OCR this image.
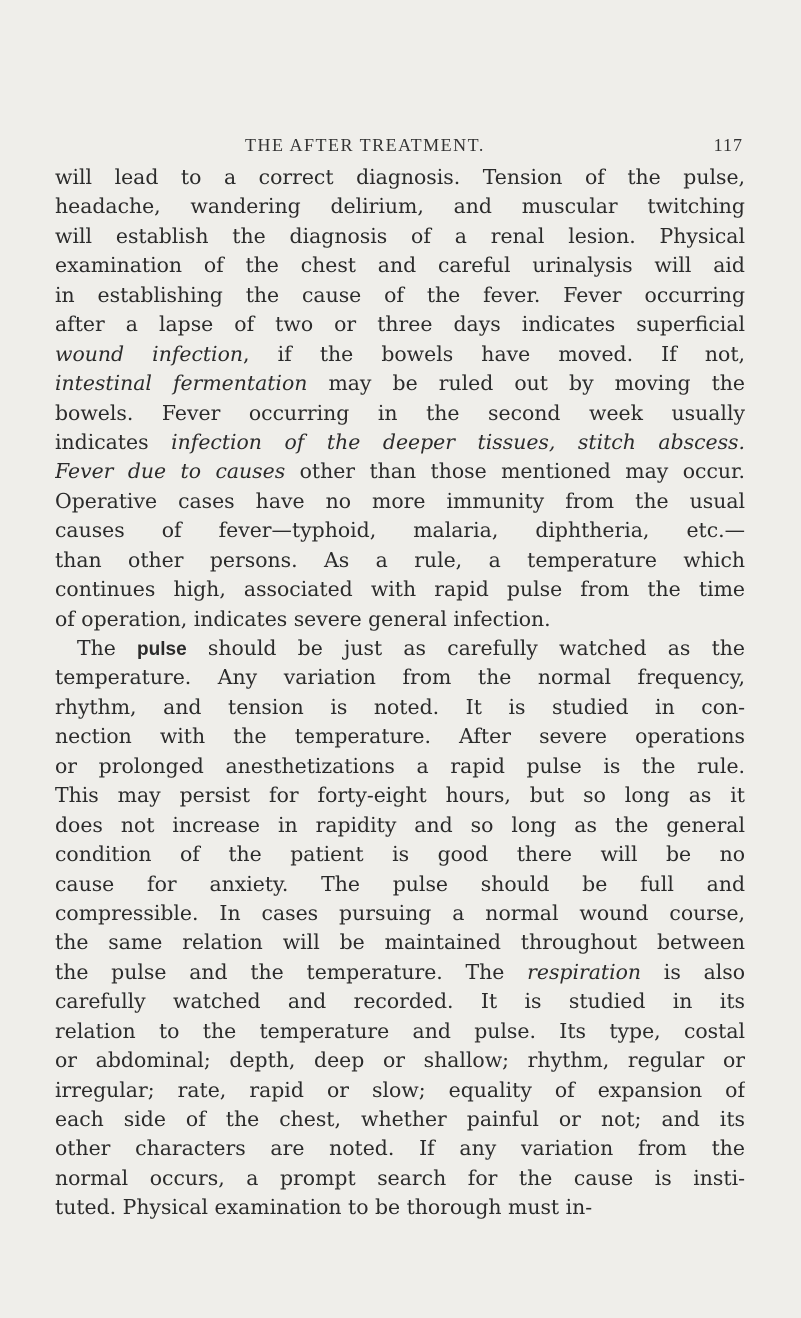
THE AFTER TREATMENT.	117
will lead to a correct diagnosis. Tension of the pulse,
headache, wandering delirium, and muscular twitching
will establish the diagnosis of a renal lesion. Physical
examination of the chest and careful urinalysis will aid
in establishing the cause of the fever. Fever occurring
after a lapse of two or three days indicates superficial
wound infection, if the bowels have moved. If not,
intestinal fermentation may be ruled out by moving the
bowels. Fever occurring in the second week usually
indicates infection of the deeper tissues, stitch abscess.
Fever due to causes other than those mentioned may occur.
Operative cases have no more immunity from the usual
causes of fever—typhoid, malaria, diphtheria, etc.—
than other persons. As a rule, a temperature which
continues high, associated with rapid pulse from the time
of operation, indicates severe general infection.
The pulse should be just as carefully watched as the
temperature. Any variation from the normal frequency,
rhythm, and tension is noted. It is studied in con-
nection with the temperature. After severe operations
or prolonged anesthetizations a rapid pulse is the rule.
This may persist for forty-eight hours, but so long as it
does not increase in rapidity and so long as the general
condition of the patient is good there will be no
cause for anxiety. The pulse should be full and
compressible. In cases pursuing a normal wound course,
the same relation will be maintained throughout between
the pulse and the temperature. The respiration is also
carefully watched and recorded. It is studied in its
relation to the temperature and pulse. Its type, costal
or abdominal; depth, deep or shallow; rhythm, regular or
irregular; rate, rapid or slow; equality of expansion of
each side of the chest, whether painful or not; and its
other characters are noted. If any variation from the
normal occurs, a prompt search for the cause is insti-
tuted. Physical examination to be thorough must in-
